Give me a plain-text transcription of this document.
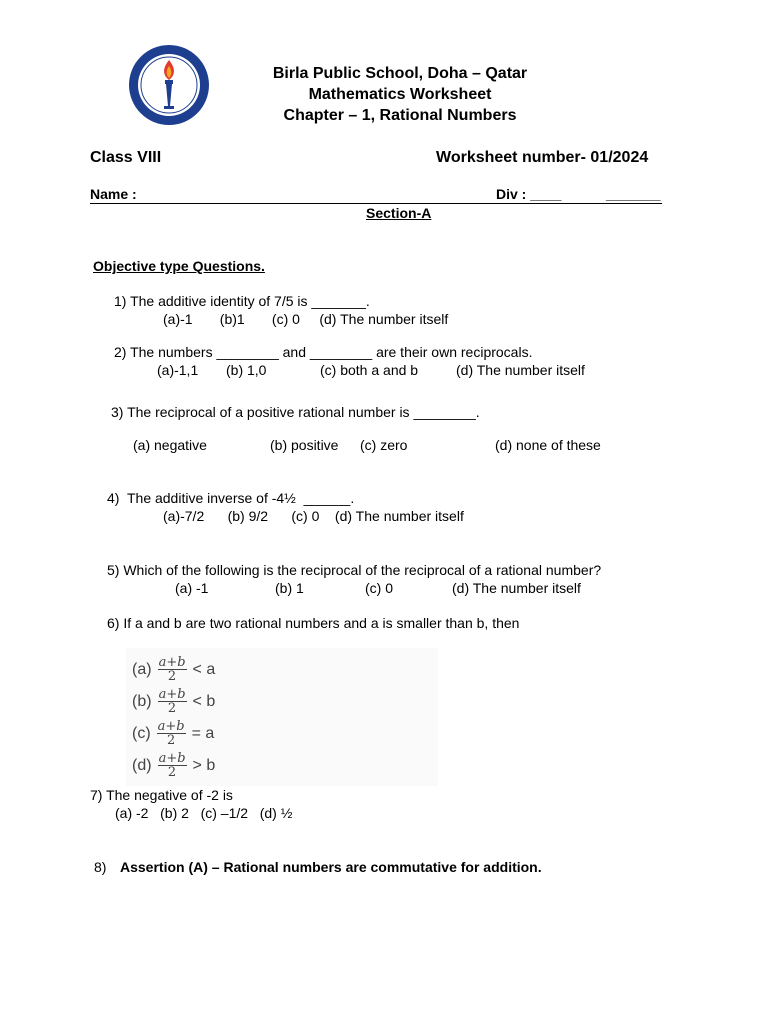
Birla Public School, Doha – Qatar
Mathematics Worksheet
Chapter – 1, Rational Numbers
Class VIII	Worksheet number- 01/2024
Name :	Div : ____	_______
Section-A
Objective type Questions.
1) The additive identity of 7/5 is _______.
(a)-1       (b)1       (c) 0     (d) The number itself
2) The numbers ________ and ________ are their own reciprocals.
(a)-1,1 (b) 1,0	(c) both a and b	(d) The number itself
3) The reciprocal of a positive rational number is ________.
(a) negative	(b) positive (c) zero	(d) none of these
4)  The additive inverse of -4½  ______.
(a)-7/2      (b) 9/2      (c) 0    (d) The number itself
5) Which of the following is the reciprocal of the reciprocal of a rational number?
(a) -1	(b) 1	(c) 0	(d) The number itself
6) If a and b are two rational numbers and a is smaller than b, then
$(a) \frac{a+b}{2} < a$
$(b) \frac{a+b}{2} < b$
$(c) \frac{a+b}{2} = a$
$(d) \frac{a+b}{2} > b$
7) The negative of -2 is
(a) -2   (b) 2   (c) –1/2   (d) ½
8) Assertion (A) – Rational numbers are commutative for addition.
